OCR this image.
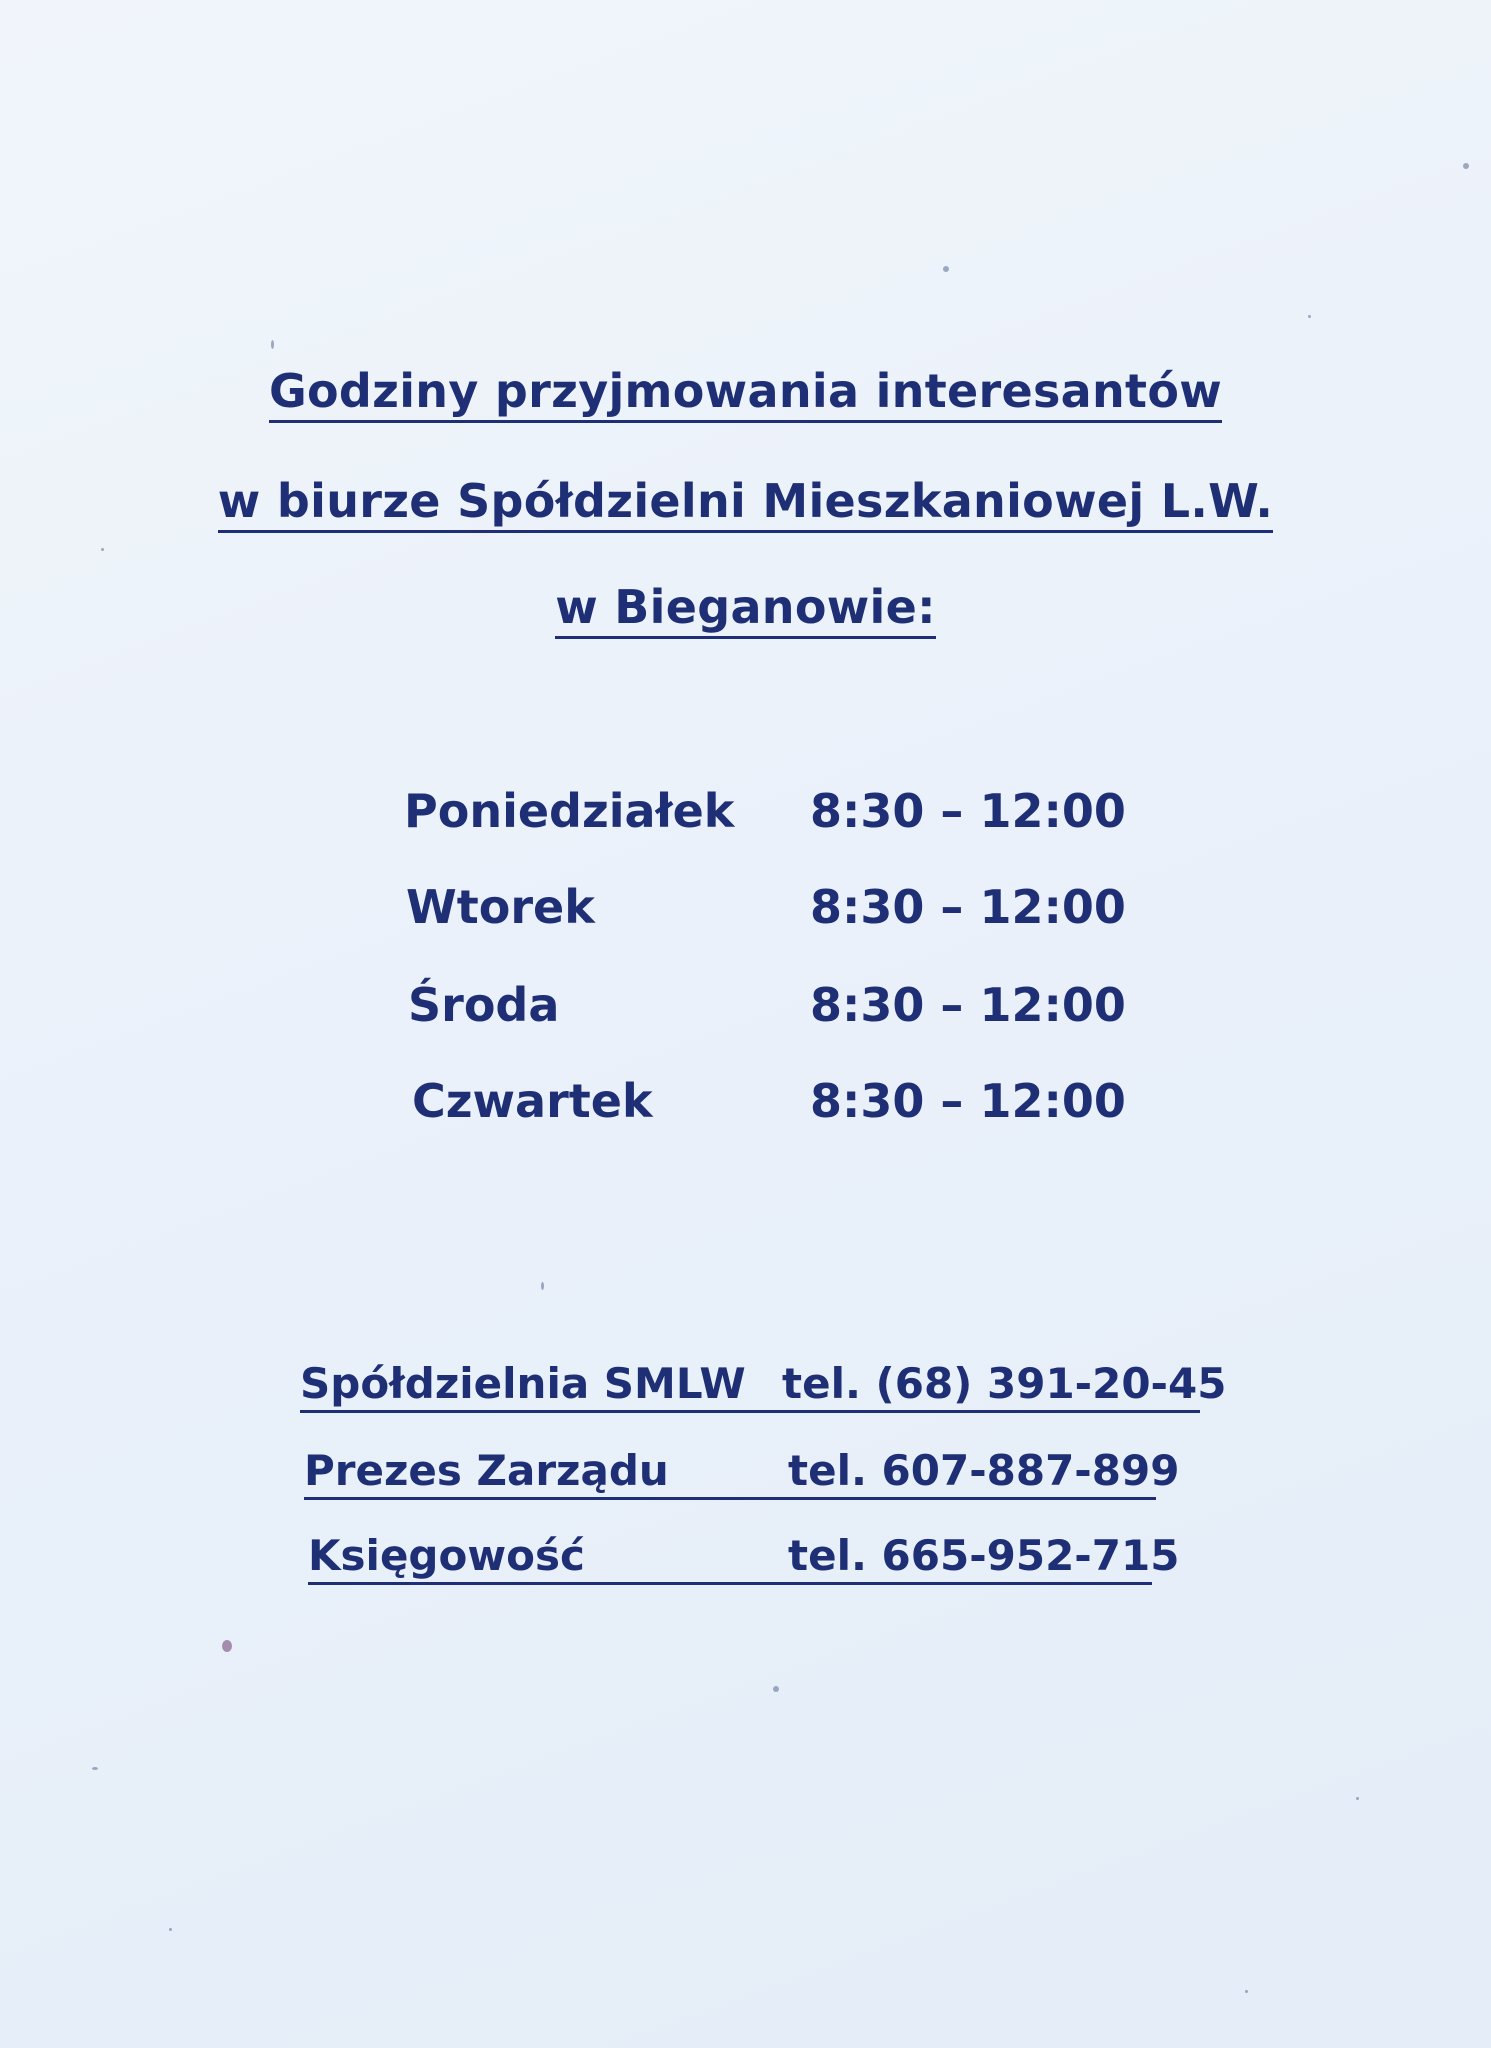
Godziny przyjmowania interesantów
w biurze Spółdzielni Mieszkaniowej L.W.
w Bieganowie:
Poniedziałek 8:30 – 12:00
Wtorek	8:30 – 12:00
Środa	8:30 – 12:00
Czwartek	8:30 – 12:00
Spółdzielnia SMLW tel. (68) 391-20-45
Prezes Zarządu	tel. 607-887-899
Księgowość	tel. 665-952-715
